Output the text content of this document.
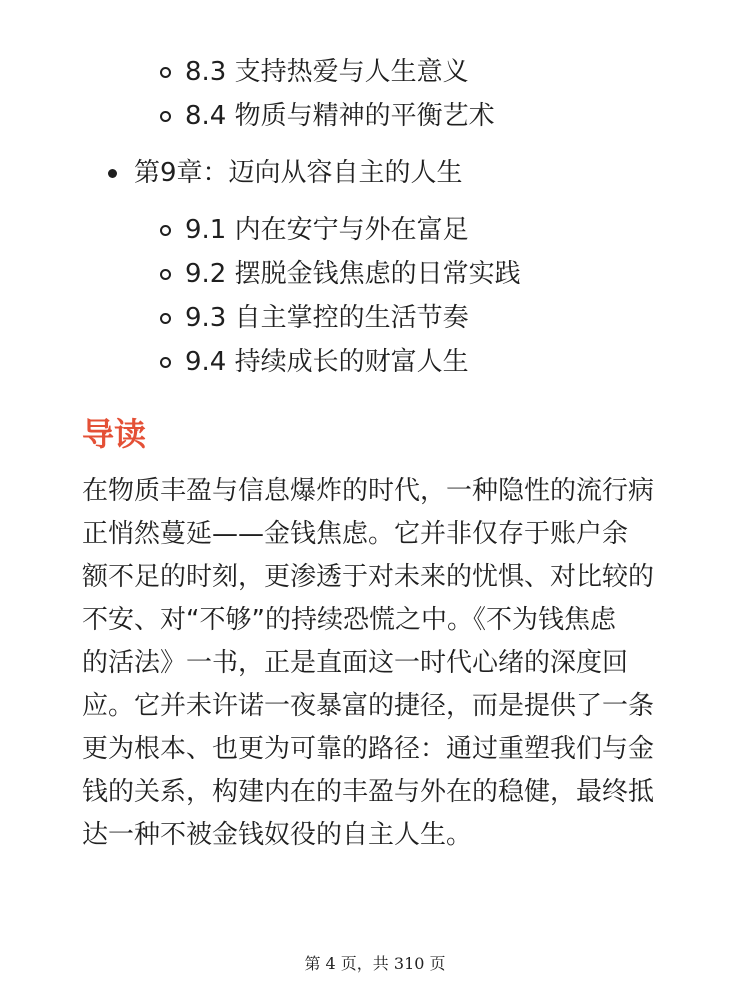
8.3 支持热爱与人生意义
8.4 物质与精神的平衡艺术
第9章：迈向从容自主的人生
9.1 内在安宁与外在富足
9.2 摆脱金钱焦虑的日常实践
9.3 自主掌控的生活节奏
9.4 持续成长的财富人生
导读
在物质丰盈与信息爆炸的时代，一种隐性的流行病
正悄然蔓延——金钱焦虑。它并非仅存于账户余
额不足的时刻，更渗透于对未来的忧惧、对比较的
不安、对“不够”的持续恐慌之中。《不为钱焦虑
的活法》一书，正是直面这一时代心绪的深度回
应。它并未许诺一夜暴富的捷径，而是提供了一条
更为根本、也更为可靠的路径：通过重塑我们与金
钱的关系，构建内在的丰盈与外在的稳健，最终抵
达一种不被金钱奴役的自主人生。
第 4 页，共 310 页
